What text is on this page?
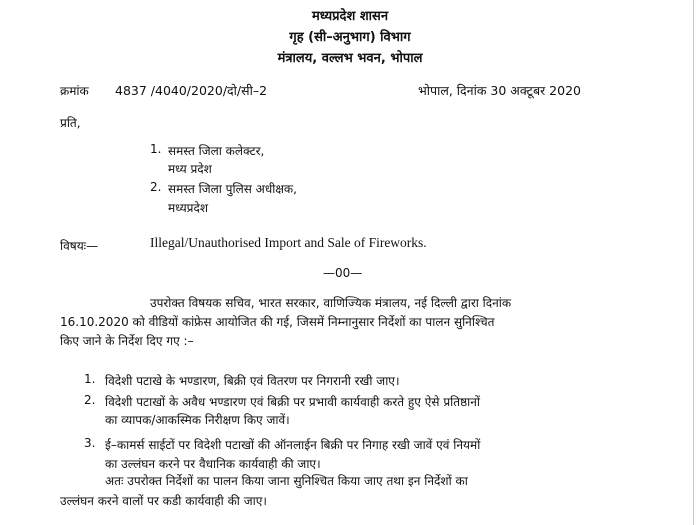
मध्यप्रदेश शासन
गृह (सी–अनुभाग) विभाग
मंत्रालय, वल्लभ भवन, भोपाल
क्रमांक 4837 /4040/2020/दो/सी–2	भोपाल, दिनांक 30 अक्टूबर 2020
प्रति,
1. समस्त जिला कलेक्टर,
मध्य प्रदेश
2. समस्त जिला पुलिस अधीक्षक,
मध्यप्रदेश
विषयः—	Illegal/Unauthorised Import and Sale of Fireworks.
—00—
उपरोक्त विषयक सचिव, भारत सरकार, वाणिज्यिक मंत्रालय, नई दिल्ली द्वारा दिनांक
16.10.2020 को वीडियों कांफ्रेस आयोजित की गई, जिसमें निम्नानुसार निर्देशों का पालन सुनिश्चित
किए जाने के निर्देश दिए गए :–
1. विदेशी पटाखे के भण्डारण, बिक्री एवं वितरण पर निगरानी रखी जाए।
2. विदेशी पटाखों के अवैध भण्डारण एवं बिक्री पर प्रभावी कार्यवाही करते हुए ऐसे प्रतिष्ठानों
का व्यापक/आकस्मिक निरीक्षण किए जावें।
3. ई–कामर्स साईटों पर विदेशी पटाखों की ऑनलाईन बिक्री पर निगाह रखी जावें एवं नियमों
का उल्लंघन करने पर वैधानिक कार्यवाही की जाए।
अतः उपरोक्त निर्देशों का पालन किया जाना सुनिश्चित किया जाए तथा इन निर्देशों का
उल्लंघन करने वालों पर कडी कार्यवाही की जाए।
